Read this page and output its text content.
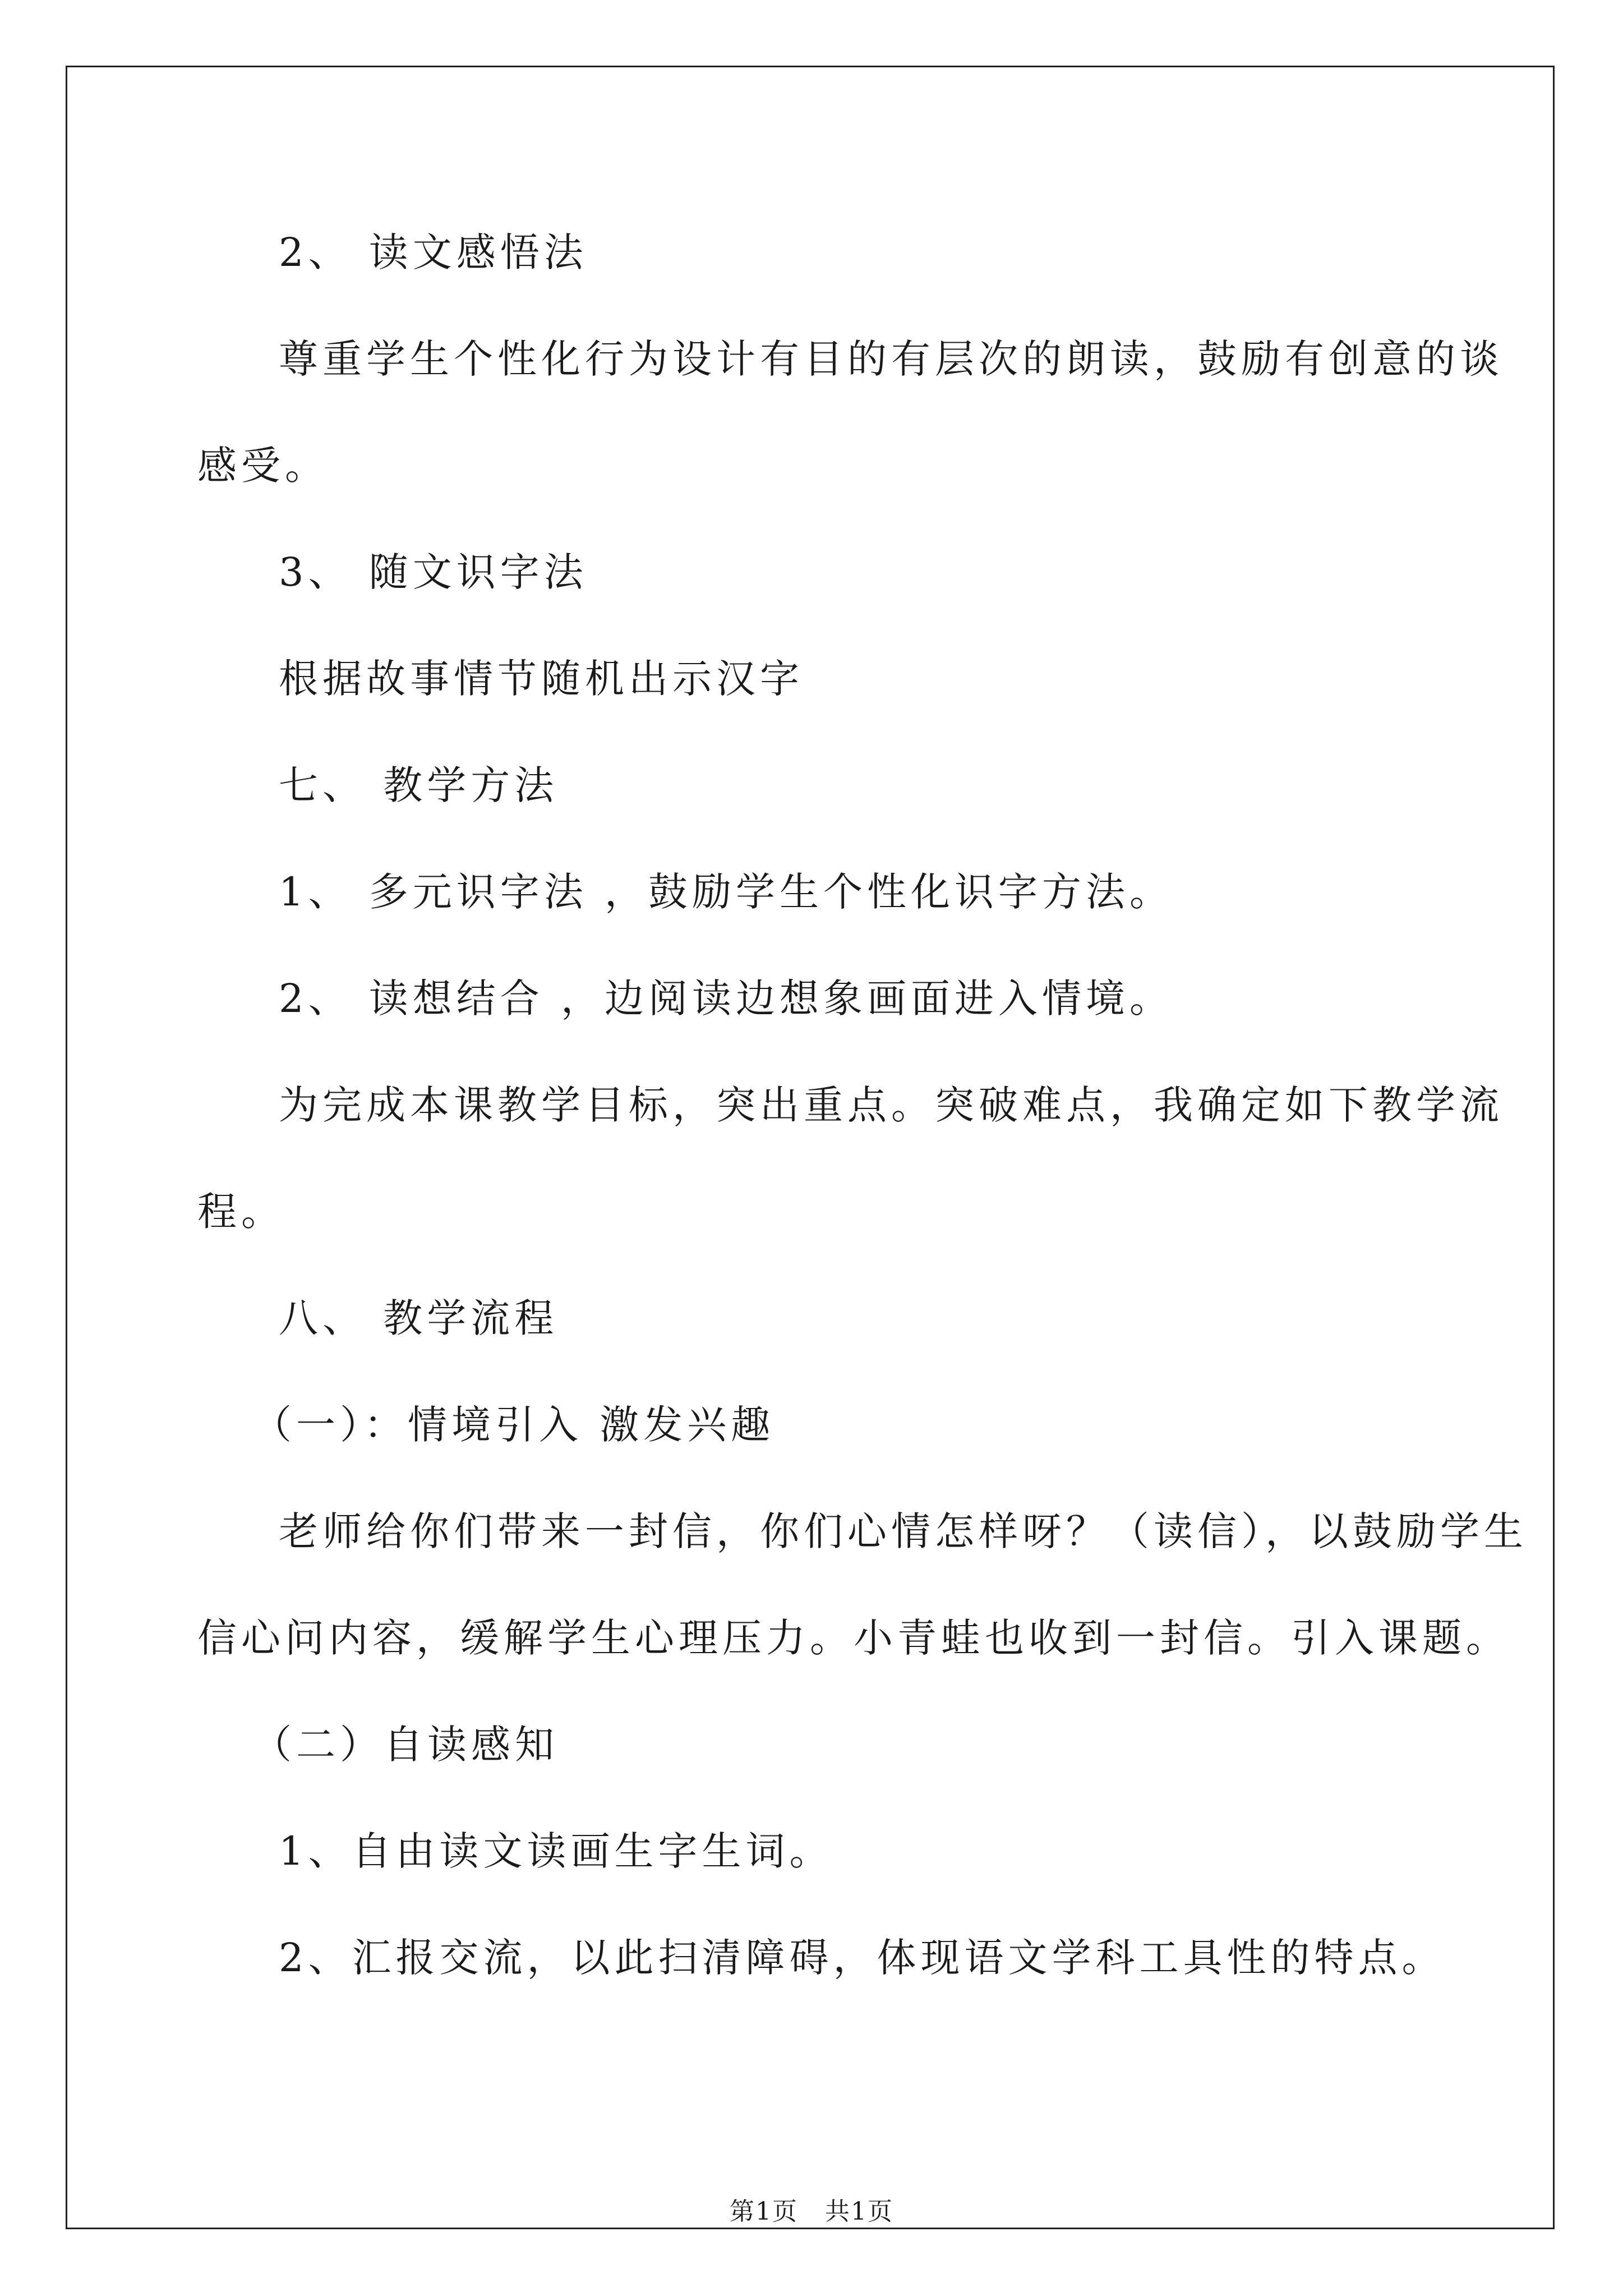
2、 读文感悟法
尊重学生个性化行为设计有目的有层次的朗读，鼓励有创意的谈
感受。
3、 随文识字法
根据故事情节随机出示汉字
七、 教学方法
1、 多元识字法 ，鼓励学生个性化识字方法。
2、 读想结合 ，边阅读边想象画面进入情境。
为完成本课教学目标，突出重点。突破难点，我确定如下教学流
程。
八、 教学流程
（一）：情境引入 激发兴趣
老师给你们带来一封信，你们心情怎样呀？（读信），以鼓励学生
信心问内容，缓解学生心理压力。小青蛙也收到一封信。引入课题。
（二）自读感知
1、自由读文读画生字生词。
2、汇报交流，以此扫清障碍，体现语文学科工具性的特点。
第1页   共1页
